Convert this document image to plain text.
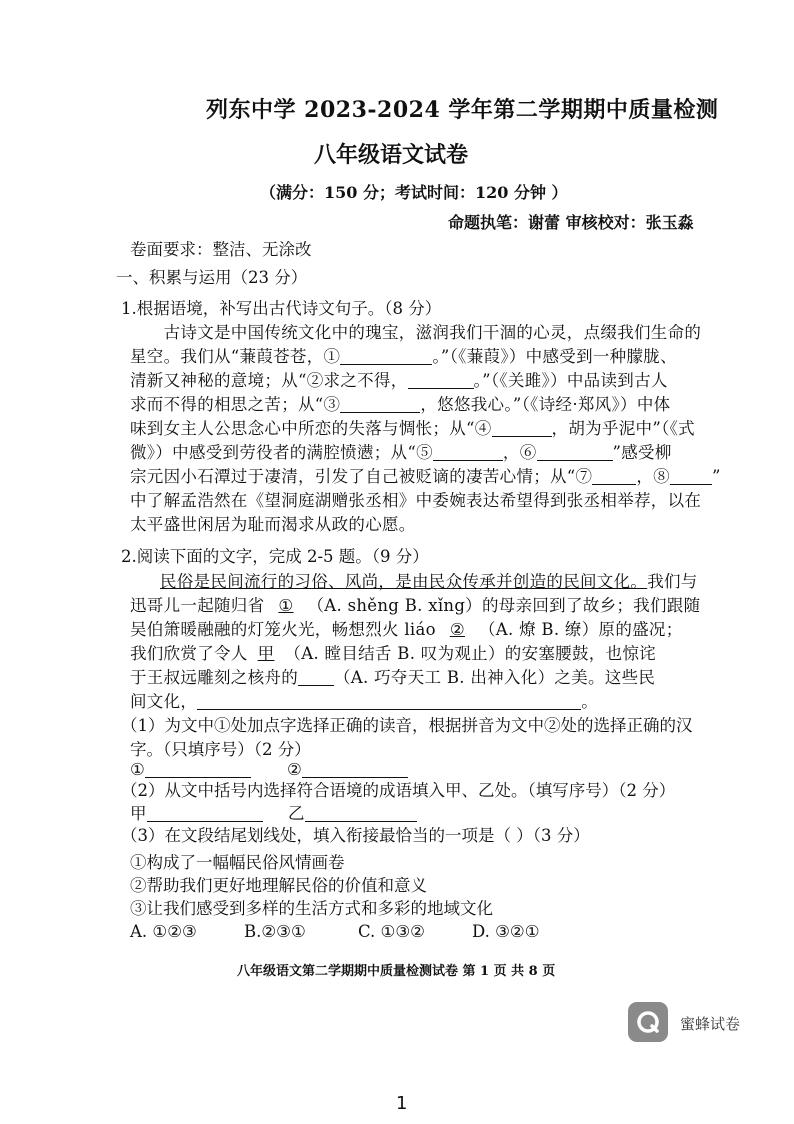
列东中学 2023-2024 学年第二学期期中质量检测
八年级语文试卷
（满分：150 分；考试时间：120 分钟 ）
命题执笔：谢蕾 审核校对：张玉淼
卷面要求：整洁、无涂改
一、积累与运用（23 分）
1.根据语境，补写出古代诗文句子。（8 分）
　　古诗文是中国传统文化中的瑰宝，滋润我们干涸的心灵，点缀我们生命的
星空。我们从“蒹葭苍苍，①	。”（《蒹葭》）中感受到一种朦胧、
清新又神秘的意境；从“②求之不得，	。”（《关雎》）中品读到古人
求而不得的相思之苦；从“③	，悠悠我心。”（《诗经·郑风》）中体
味到女主人公思念心中所恋的失落与惆怅；从“④	，胡为乎泥中”（《式
微》）中感受到劳役者的满腔愤懑；从“⑤	，⑥	”感受柳
宗元因小石潭过于凄清，引发了自己被贬谪的凄苦心情；从“⑦	，⑧	”
中了解孟浩然在《望洞庭湖赠张丞相》中委婉表达希望得到张丞相举荐，以在
太平盛世闲居为耻而渴求从政的心愿。
2.阅读下面的文字，完成 2-5 题。（9 分）
民俗是民间流行的习俗、风尚，是由民众传承并创造的民间文化。我们与
迅哥儿一起随归省 ① （A. shěng B. xǐng）的母亲回到了故乡；我们跟随
吴伯箫暖融融的灯笼火光，畅想烈火 liáo ② （A. 燎 B. 缭）原的盛况；
我们欣赏了令人 甲 （A. 瞠目结舌 B. 叹为观止）的安塞腰鼓，也惊诧
于王叔远雕刻之核舟的 （A. 巧夺天工 B. 出神入化）之美。这些民
间文化，	。
（1）为文中①处加点字选择正确的读音，根据拼音为文中②处的选择正确的汉
字。（只填序号）（2 分）
①	②
（2）从文中括号内选择符合语境的成语填入甲、乙处。（填写序号）（2 分）
甲	乙
（3）在文段结尾划线处，填入衔接最恰当的一项是（ ）（3 分）
①构成了一幅幅民俗风情画卷
②帮助我们更好地理解民俗的价值和意义
③让我们感受到多样的生活方式和多彩的地域文化
A. ①②③	B.②③①	C. ①③②	D. ③②①
八年级语文第二学期期中质量检测试卷 第 1 页 共 8 页
蜜蜂试卷
1
